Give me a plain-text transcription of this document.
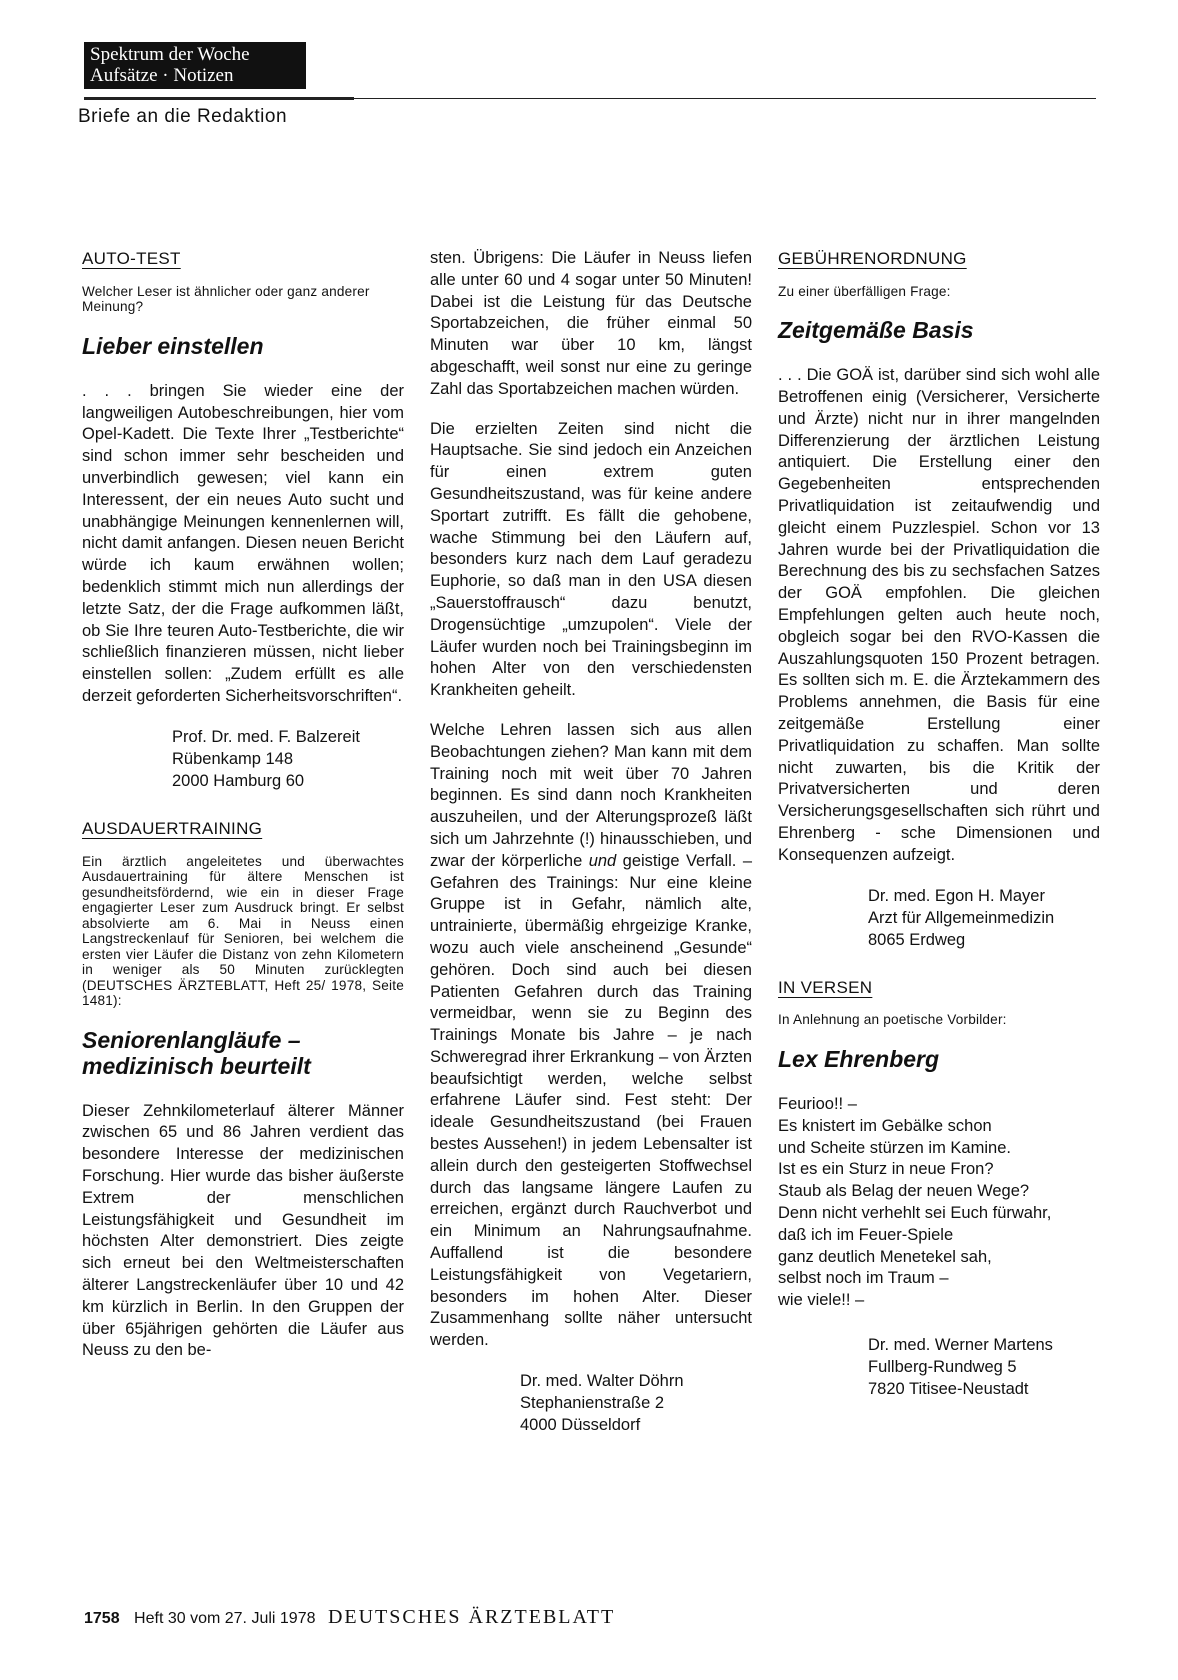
Spektrum der Woche
Aufsätze · Notizen
Briefe an die Redaktion
AUTO-TEST
Welcher Leser ist ähnlicher oder ganz anderer Meinung?
Lieber einstellen

. . . bringen Sie wieder eine der langweiligen Autobeschreibungen, hier vom Opel-Kadett. Die Texte Ihrer „Testberichte“ sind schon immer sehr bescheiden und unverbindlich gewesen; viel kann ein Interessent, der ein neues Auto sucht und unabhängige Meinungen kennenlernen will, nicht damit anfangen. Diesen neuen Bericht würde ich kaum erwähnen wollen; bedenklich stimmt mich nun allerdings der letzte Satz, der die Frage aufkommen läßt, ob Sie Ihre teuren Auto-Testberichte, die wir schließlich finanzieren müssen, nicht lieber einstellen sollen: „Zudem erfüllt es alle derzeit geforderten Sicherheitsvorschriften“.

Prof. Dr. med. F. Balzereit
Rübenkamp 148
2000 Hamburg 60
AUSDAUERTRAINING
Ein ärztlich angeleitetes und überwachtes Ausdauertraining für ältere Menschen ist gesundheitsfördernd, wie ein in dieser Frage engagierter Leser zum Ausdruck bringt. Er selbst absolvierte am 6. Mai in Neuss einen Langstreckenlauf für Senioren, bei welchem die ersten vier Läufer die Distanz von zehn Kilometern in weniger als 50 Minuten zurücklegten (DEUTSCHES ÄRZTEBLATT, Heft 25/ 1978, Seite 1481):
Seniorenlangläufe – medizinisch beurteilt

Dieser Zehnkilometerlauf älterer Männer zwischen 65 und 86 Jahren verdient das besondere Interesse der medizinischen Forschung. Hier wurde das bisher äußerste Extrem der menschlichen Leistungsfähigkeit und Gesundheit im höchsten Alter demonstriert. Dies zeigte sich erneut bei den Weltmeisterschaften älterer Langstreckenläufer über 10 und 42 km kürzlich in Berlin. In den Gruppen der über 65jährigen gehörten die Läufer aus Neuss zu den be-

sten. Übrigens: Die Läufer in Neuss liefen alle unter 60 und 4 sogar unter 50 Minuten! Dabei ist die Leistung für das Deutsche Sportabzeichen, die früher einmal 50 Minuten war über 10 km, längst abgeschafft, weil sonst nur eine zu geringe Zahl das Sportabzeichen machen würden.

Die erzielten Zeiten sind nicht die Hauptsache. Sie sind jedoch ein Anzeichen für einen extrem guten Gesundheitszustand, was für keine andere Sportart zutrifft. Es fällt die gehobene, wache Stimmung bei den Läufern auf, besonders kurz nach dem Lauf geradezu Euphorie, so daß man in den USA diesen „Sauerstoffrausch“ dazu benutzt, Drogensüchtige „umzupolen“. Viele der Läufer wurden noch bei Trainingsbeginn im hohen Alter von den verschiedensten Krankheiten geheilt.

Welche Lehren lassen sich aus allen Beobachtungen ziehen? Man kann mit dem Training noch mit weit über 70 Jahren beginnen. Es sind dann noch Krankheiten auszuheilen, und der Alterungsprozeß läßt sich um Jahrzehnte (!) hinausschieben, und zwar der körperliche und geistige Verfall. – Gefahren des Trainings: Nur eine kleine Gruppe ist in Gefahr, nämlich alte, untrainierte, übermäßig ehrgeizige Kranke, wozu auch viele anscheinend „Gesunde“ gehören. Doch sind auch bei diesen Patienten Gefahren durch das Training vermeidbar, wenn sie zu Beginn des Trainings Monate bis Jahre – je nach Schweregrad ihrer Erkrankung – von Ärzten beaufsichtigt werden, welche selbst erfahrene Läufer sind. Fest steht: Der ideale Gesundheitszustand (bei Frauen bestes Aussehen!) in jedem Lebensalter ist allein durch den gesteigerten Stoffwechsel durch das langsame längere Laufen zu erreichen, ergänzt durch Rauchverbot und ein Minimum an Nahrungsaufnahme. Auffallend ist die besondere Leistungsfähigkeit von Vegetariern, besonders im hohen Alter. Dieser Zusammenhang sollte näher untersucht werden.

Dr. med. Walter Döhrn
Stephanienstraße 2
4000 Düsseldorf
GEBÜHRENORDNUNG
Zu einer überfälligen Frage:
Zeitgemäße Basis

. . . Die GOÄ ist, darüber sind sich wohl alle Betroffenen einig (Versicherer, Versicherte und Ärzte) nicht nur in ihrer mangelnden Differenzierung der ärztlichen Leistung antiquiert. Die Erstellung einer den Gegebenheiten entsprechenden Privatliquidation ist zeitaufwendig und gleicht einem Puzzlespiel. Schon vor 13 Jahren wurde bei der Privatliquidation die Berechnung des bis zu sechsfachen Satzes der GOÄ empfohlen. Die gleichen Empfehlungen gelten auch heute noch, obgleich sogar bei den RVO-Kassen die Auszahlungsquoten 150 Prozent betragen. Es sollten sich m. E. die Ärztekammern des Problems annehmen, die Basis für eine zeitgemäße Erstellung einer Privatliquidation zu schaffen. Man sollte nicht zuwarten, bis die Kritik der Privatversicherten und deren Versicherungsgesellschaften sich rührt und Ehrenberg - sche Dimensionen und Konsequenzen aufzeigt.

Dr. med. Egon H. Mayer
Arzt für Allgemeinmedizin
8065 Erdweg
IN VERSEN
In Anlehnung an poetische Vorbilder:
Lex Ehrenberg
Feurioo!! –
Es knistert im Gebälke schon
und Scheite stürzen im Kamine.
Ist es ein Sturz in neue Fron?
Staub als Belag der neuen Wege?
Denn nicht verhehlt sei Euch fürwahr,
daß ich im Feuer-Spiele
ganz deutlich Menetekel sah,
selbst noch im Traum –
wie viele!! –
Dr. med. Werner Martens
Fullberg-Rundweg 5
7820 Titisee-Neustadt
1758 Heft 30 vom 27. Juli 1978 DEUTSCHES ÄRZTEBLATT
